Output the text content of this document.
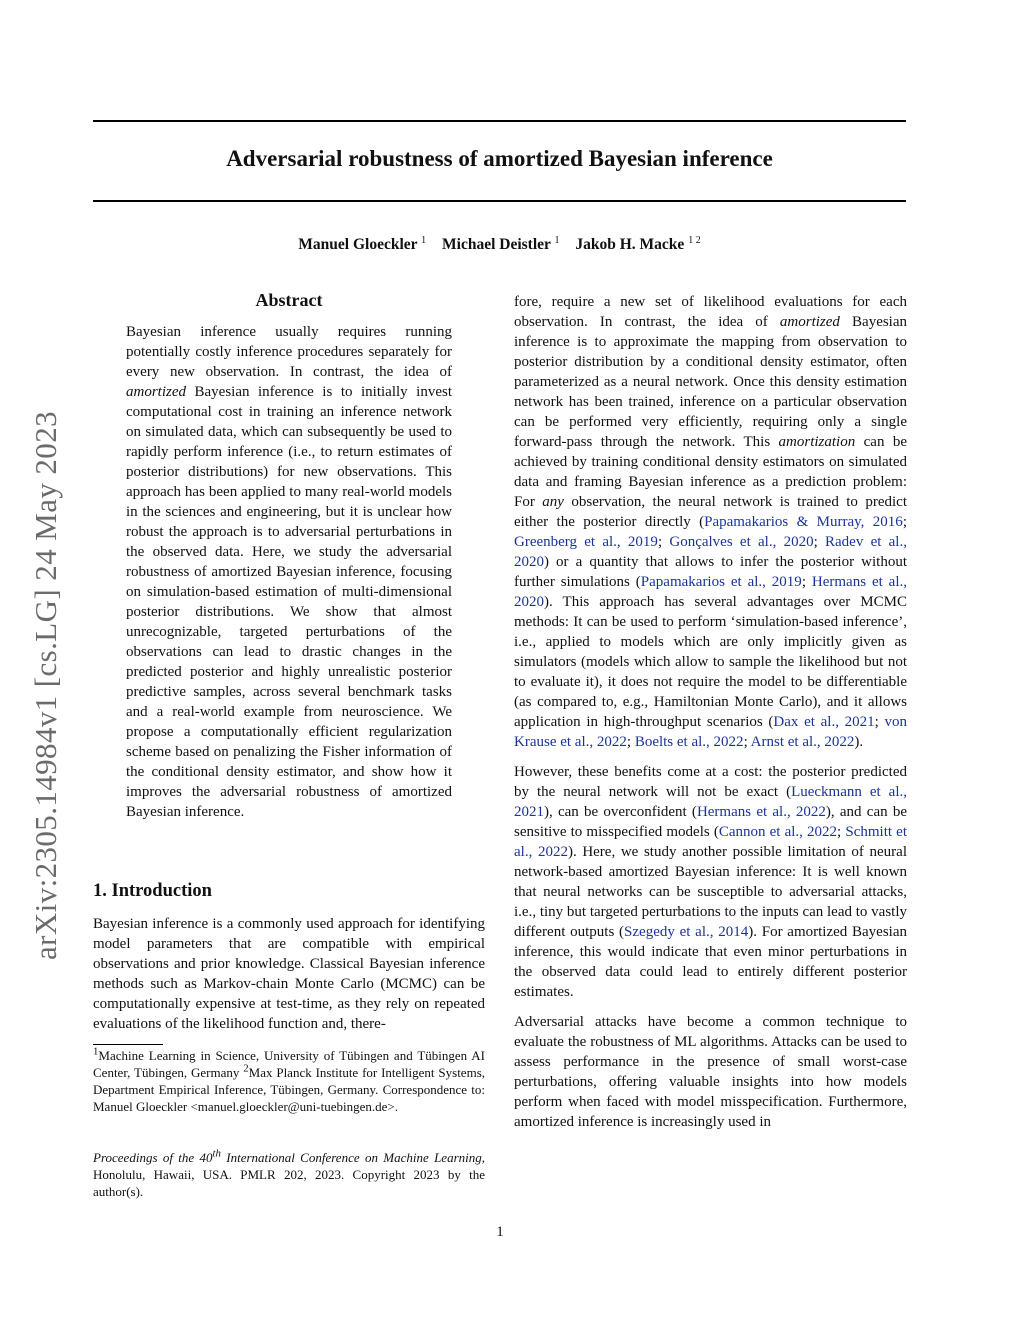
Adversarial robustness of amortized Bayesian inference
Manuel Gloeckler $^1$ Michael Deistler $^1$ Jakob H. Macke $^{1 2}$
arXiv:2305.14984v1 [cs.LG] 24 May 2023
Abstract
Bayesian inference usually requires running potentially costly inference procedures separately for every new observation. In contrast, the idea of amortized Bayesian inference is to initially invest computational cost in training an inference network on simulated data, which can subsequently be used to rapidly perform inference (i.e., to return estimates of posterior distributions) for new observations. This approach has been applied to many real-world models in the sciences and engineering, but it is unclear how robust the approach is to adversarial perturbations in the observed data. Here, we study the adversarial robustness of amortized Bayesian inference, focusing on simulation-based estimation of multi-dimensional posterior distributions. We show that almost unrecognizable, targeted perturbations of the observations can lead to drastic changes in the predicted posterior and highly unrealistic posterior predictive samples, across several benchmark tasks and a real-world example from neuroscience. We propose a computationally efficient regularization scheme based on penalizing the Fisher information of the conditional density estimator, and show how it improves the adversarial robustness of amortized Bayesian inference.
1. Introduction
Bayesian inference is a commonly used approach for identifying model parameters that are compatible with empirical observations and prior knowledge. Classical Bayesian inference methods such as Markov-chain Monte Carlo (MCMC) can be computationally expensive at test-time, as they rely on repeated evaluations of the likelihood function and, there-
$^1$Machine Learning in Science, University of Tübingen and Tübingen AI Center, Tübingen, Germany $^2$Max Planck Institute for Intelligent Systems, Department Empirical Inference, Tübingen, Germany. Correspondence to: Manuel Gloeckler <manuel.gloeckler@uni-tuebingen.de>.
Proceedings of the 40th International Conference on Machine Learning, Honolulu, Hawaii, USA. PMLR 202, 2023. Copyright 2023 by the author(s).

fore, require a new set of likelihood evaluations for each observation. In contrast, the idea of amortized Bayesian inference is to approximate the mapping from observation to posterior distribution by a conditional density estimator, often parameterized as a neural network. Once this density estimation network has been trained, inference on a particular observation can be performed very efficiently, requiring only a single forward-pass through the network. This amortization can be achieved by training conditional density estimators on simulated data and framing Bayesian inference as a prediction problem: For any observation, the neural network is trained to predict either the posterior directly (Papamakarios & Murray, 2016; Greenberg et al., 2019; Gonçalves et al., 2020; Radev et al., 2020) or a quantity that allows to infer the posterior without further simulations (Papamakarios et al., 2019; Hermans et al., 2020). This approach has several advantages over MCMC methods: It can be used to perform ‘simulation-based inference’, i.e., applied to models which are only implicitly given as simulators (models which allow to sample the likelihood but not to evaluate it), it does not require the model to be differentiable (as compared to, e.g., Hamiltonian Monte Carlo), and it allows application in high-throughput scenarios (Dax et al., 2021; von Krause et al., 2022; Boelts et al., 2022; Arnst et al., 2022).

However, these benefits come at a cost: the posterior predicted by the neural network will not be exact (Lueckmann et al., 2021), can be overconfident (Hermans et al., 2022), and can be sensitive to misspecified models (Cannon et al., 2022; Schmitt et al., 2022). Here, we study another possible limitation of neural network-based amortized Bayesian inference: It is well known that neural networks can be susceptible to adversarial attacks, i.e., tiny but targeted perturbations to the inputs can lead to vastly different outputs (Szegedy et al., 2014). For amortized Bayesian inference, this would indicate that even minor perturbations in the observed data could lead to entirely different posterior estimates.

Adversarial attacks have become a common technique to evaluate the robustness of ML algorithms. Attacks can be used to assess performance in the presence of small worst-case perturbations, offering valuable insights into how models perform when faced with model misspecification. Furthermore, amortized inference is increasingly used in

1
